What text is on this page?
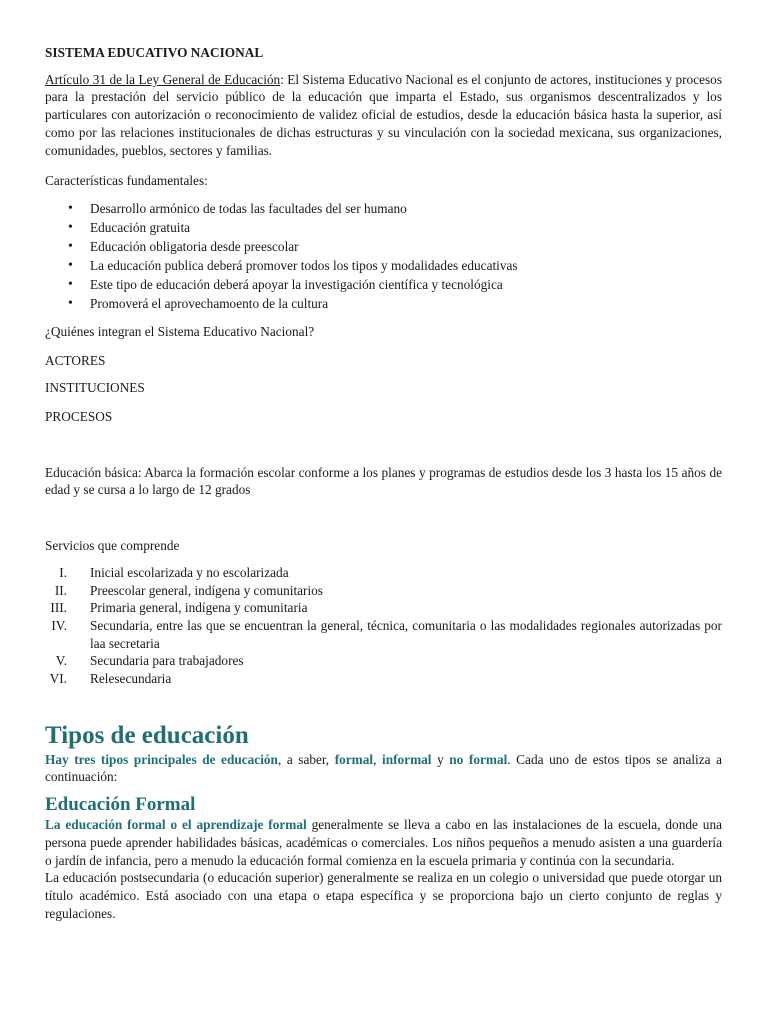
SISTEMA EDUCATIVO NACIONAL

Artículo 31 de la Ley General de Educación: El Sistema Educativo Nacional es el conjunto de actores, instituciones y procesos para la prestación del servicio público de la educación que imparta el Estado, sus organismos descentralizados y los particulares con autorización o reconocimiento de validez oficial de estudios, desde la educación básica hasta la superior, así como por las relaciones institucionales de dichas estructuras y su vinculación con la sociedad mexicana, sus organizaciones, comunidades, pueblos, sectores y familias.

Características fundamentales:

• Desarrollo armónico de todas las facultades del ser humano
• Educación gratuita
• Educación obligatoria desde preescolar
• La educación publica deberá promover todos los tipos y modalidades educativas
• Este tipo de educación deberá apoyar la investigación científica y tecnológica
• Promoverá el aprovechamoento de la cultura

¿Quiénes integran el Sistema Educativo Nacional?

ACTORES

INSTITUCIONES

PROCESOS

Educación básica: Abarca la formación escolar conforme a los planes y programas de estudios desde los 3 hasta los 15 años de edad y se cursa a lo largo de 12 grados

Servicios que comprende

I. Inicial escolarizada y no escolarizada
II. Preescolar general, indígena y comunitarios
III. Primaria general, indígena y comunitaria
IV. Secundaria, entre las que se encuentran la general, técnica, comunitaria o las modalidades regionales autorizadas por laa secretaria
V. Secundaria para trabajadores
VI. Relesecundaria
Tipos de educación

Hay tres tipos principales de educación, a saber, formal, informal y no formal. Cada uno de estos tipos se analiza a continuación:

Educación Formal

La educación formal o el aprendizaje formal generalmente se lleva a cabo en las instalaciones de la escuela, donde una persona puede aprender habilidades básicas, académicas o comerciales. Los niños pequeños a menudo asisten a una guardería o jardín de infancia, pero a menudo la educación formal comienza en la escuela primaria y continúa con la secundaria.

La educación postsecundaria (o educación superior) generalmente se realiza en un colegio o universidad que puede otorgar un título académico. Está asociado con una etapa o etapa específica y se proporciona bajo un cierto conjunto de reglas y regulaciones.
